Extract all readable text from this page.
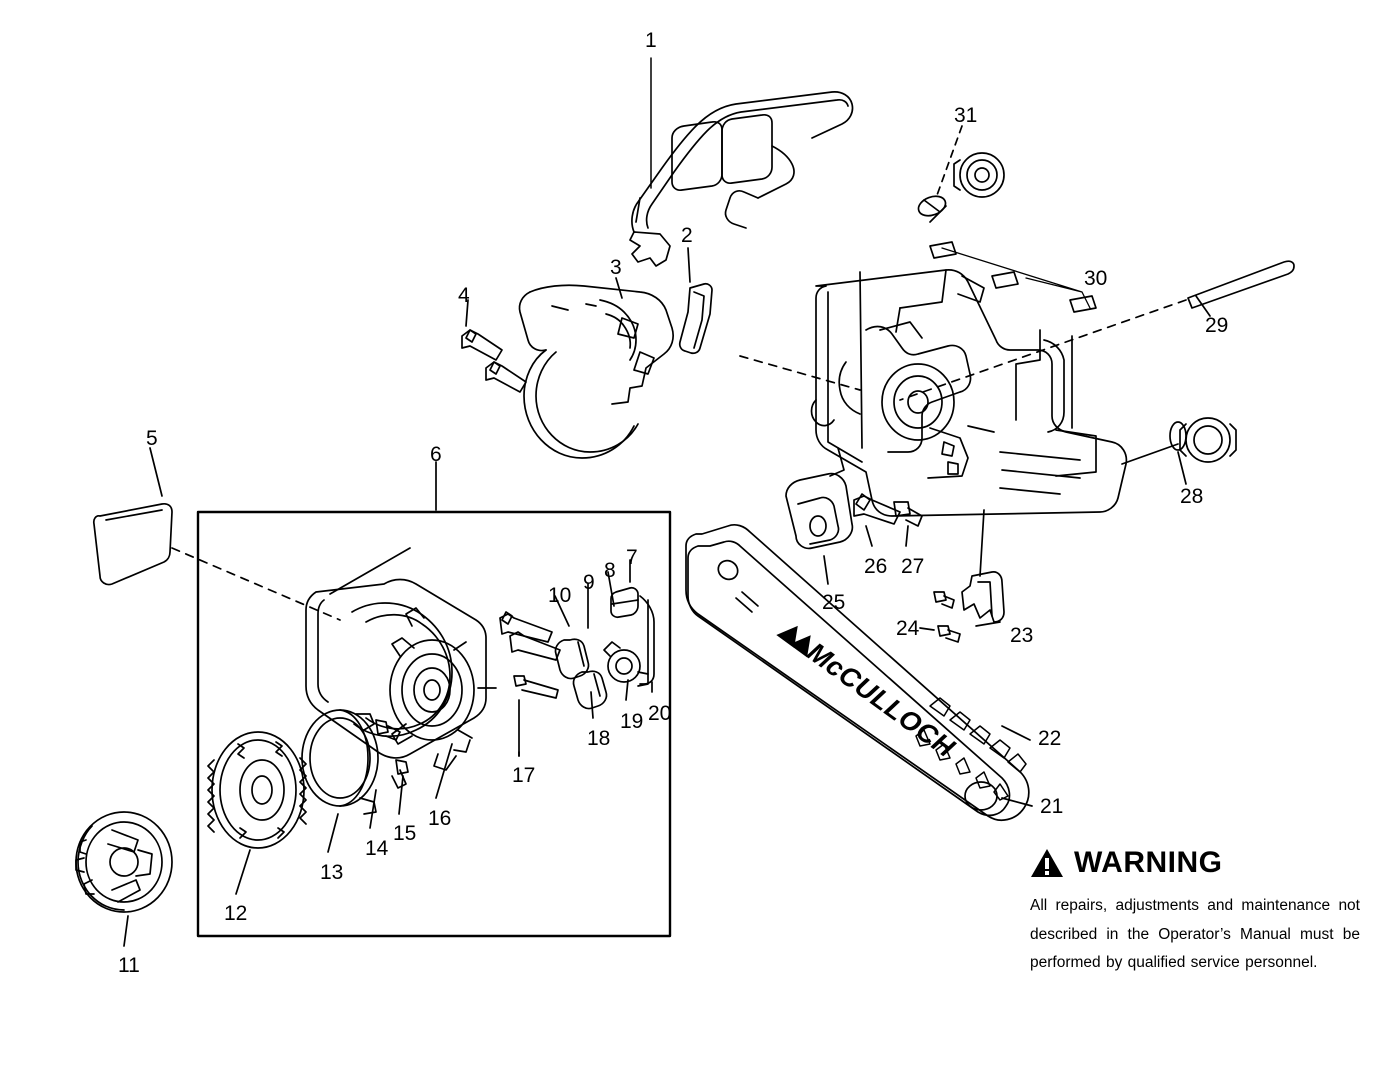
1
2
3
4
5
6
7
8
9
10
11
12
13
14
15
16
17
18
19 20
21
22
23
24
25
26 27
28
29
30
31
McCULLOCH
WARNING
All repairs, adjustments and maintenance not described in the Operator’s Manual must be performed by qualified service personnel.
